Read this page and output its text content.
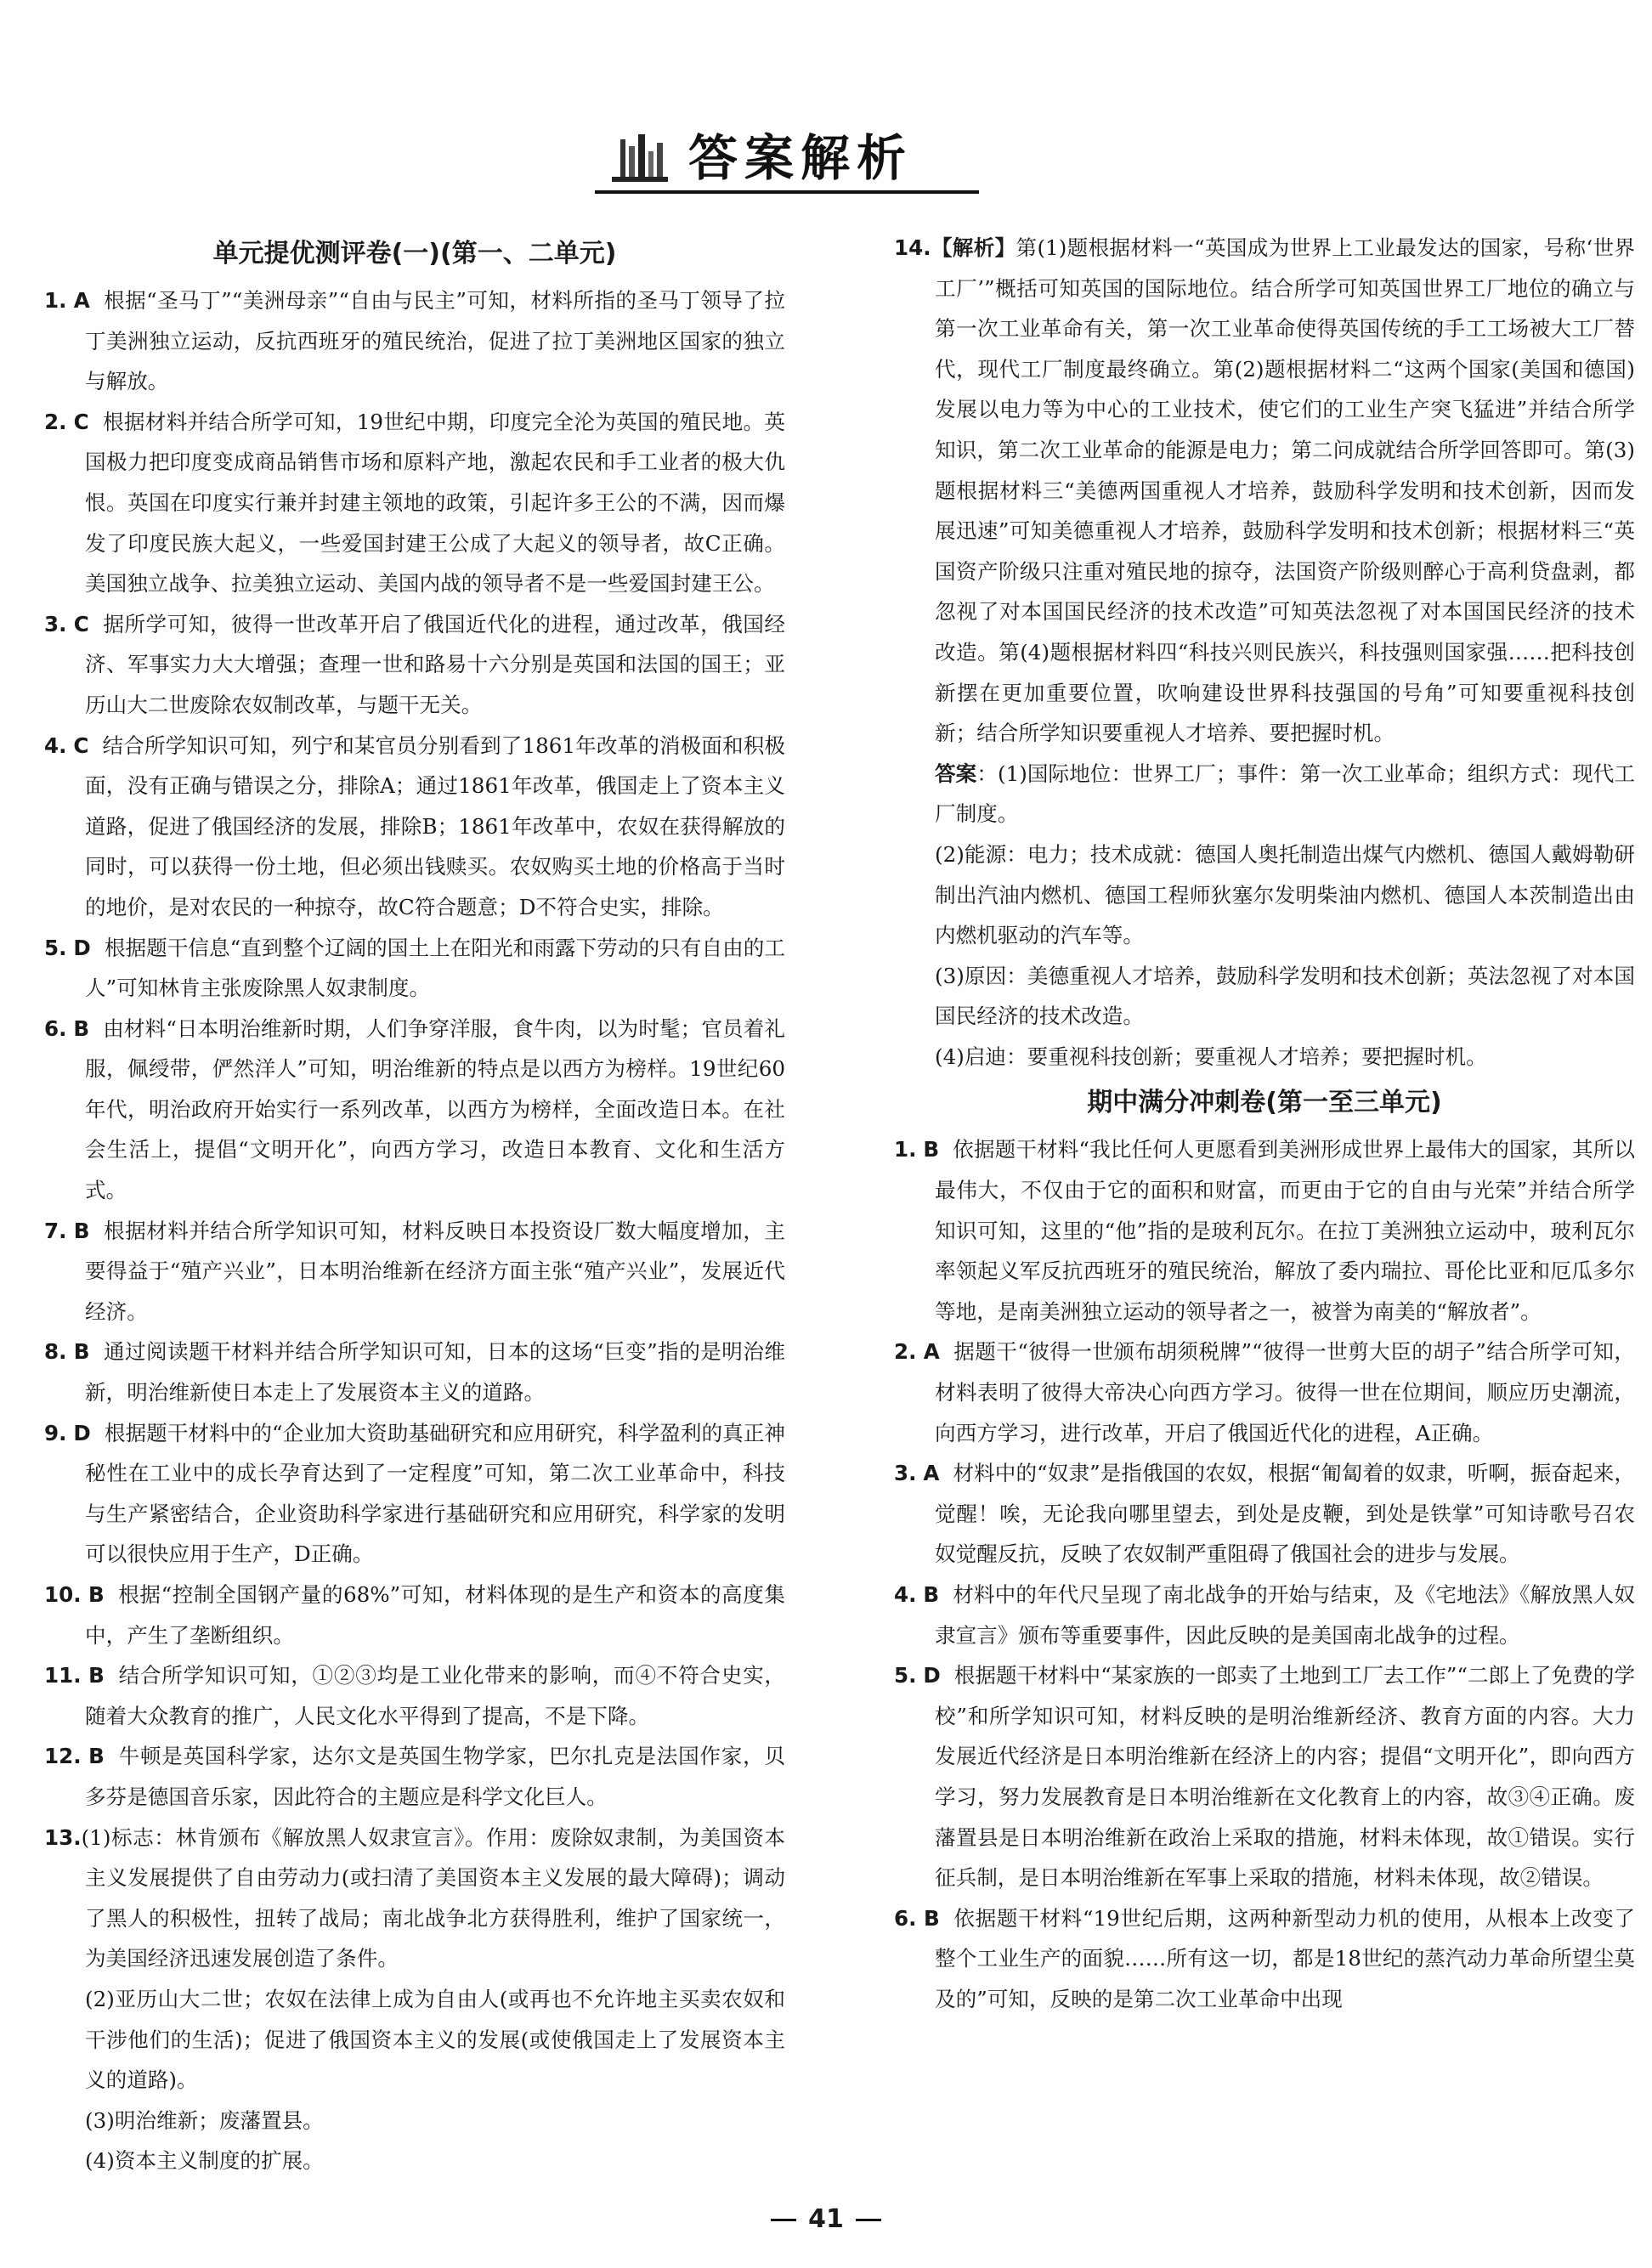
答案解析
单元提优测评卷(一)(第一、二单元)
1. A 根据“圣马丁”“美洲母亲”“自由与民主”可知，材料所指的圣马丁领导了拉丁美洲独立运动，反抗西班牙的殖民统治，促进了拉丁美洲地区国家的独立与解放。
2. C 根据材料并结合所学可知，19世纪中期，印度完全沦为英国的殖民地。英国极力把印度变成商品销售市场和原料产地，激起农民和手工业者的极大仇恨。英国在印度实行兼并封建主领地的政策，引起许多王公的不满，因而爆发了印度民族大起义，一些爱国封建王公成了大起义的领导者，故C正确。美国独立战争、拉美独立运动、美国内战的领导者不是一些爱国封建王公。
3. C 据所学可知，彼得一世改革开启了俄国近代化的进程，通过改革，俄国经济、军事实力大大增强；查理一世和路易十六分别是英国和法国的国王；亚历山大二世废除农奴制改革，与题干无关。
4. C 结合所学知识可知，列宁和某官员分别看到了1861年改革的消极面和积极面，没有正确与错误之分，排除A；通过1861年改革，俄国走上了资本主义道路，促进了俄国经济的发展，排除B；1861年改革中，农奴在获得解放的同时，可以获得一份土地，但必须出钱赎买。农奴购买土地的价格高于当时的地价，是对农民的一种掠夺，故C符合题意；D不符合史实，排除。
5. D 根据题干信息“直到整个辽阔的国土上在阳光和雨露下劳动的只有自由的工人”可知林肯主张废除黑人奴隶制度。
6. B 由材料“日本明治维新时期，人们争穿洋服，食牛肉，以为时髦；官员着礼服，佩绶带，俨然洋人”可知，明治维新的特点是以西方为榜样。19世纪60年代，明治政府开始实行一系列改革，以西方为榜样，全面改造日本。在社会生活上，提倡“文明开化”，向西方学习，改造日本教育、文化和生活方式。
7. B 根据材料并结合所学知识可知，材料反映日本投资设厂数大幅度增加，主要得益于“殖产兴业”，日本明治维新在经济方面主张“殖产兴业”，发展近代经济。
8. B 通过阅读题干材料并结合所学知识可知，日本的这场“巨变”指的是明治维新，明治维新使日本走上了发展资本主义的道路。
9. D 根据题干材料中的“企业加大资助基础研究和应用研究，科学盈利的真正神秘性在工业中的成长孕育达到了一定程度”可知，第二次工业革命中，科技与生产紧密结合，企业资助科学家进行基础研究和应用研究，科学家的发明可以很快应用于生产，D正确。
10. B 根据“控制全国钢产量的68%”可知，材料体现的是生产和资本的高度集中，产生了垄断组织。
11. B 结合所学知识可知，①②③均是工业化带来的影响，而④不符合史实，随着大众教育的推广，人民文化水平得到了提高，不是下降。
12. B 牛顿是英国科学家，达尔文是英国生物学家，巴尔扎克是法国作家，贝多芬是德国音乐家，因此符合的主题应是科学文化巨人。
13.(1)标志：林肯颁布《解放黑人奴隶宣言》。作用：废除奴隶制，为美国资本主义发展提供了自由劳动力(或扫清了美国资本主义发展的最大障碍)；调动了黑人的积极性，扭转了战局；南北战争北方获得胜利，维护了国家统一，为美国经济迅速发展创造了条件。
(2)亚历山大二世；农奴在法律上成为自由人(或再也不允许地主买卖农奴和干涉他们的生活)；促进了俄国资本主义的发展(或使俄国走上了发展资本主义的道路)。
(3)明治维新；废藩置县。
(4)资本主义制度的扩展。
14.【解析】第(1)题根据材料一“英国成为世界上工业最发达的国家，号称‘世界工厂’”概括可知英国的国际地位。结合所学可知英国世界工厂地位的确立与第一次工业革命有关，第一次工业革命使得英国传统的手工工场被大工厂替代，现代工厂制度最终确立。第(2)题根据材料二“这两个国家(美国和德国)发展以电力等为中心的工业技术，使它们的工业生产突飞猛进”并结合所学知识，第二次工业革命的能源是电力；第二问成就结合所学回答即可。第(3)题根据材料三“美德两国重视人才培养，鼓励科学发明和技术创新，因而发展迅速”可知美德重视人才培养，鼓励科学发明和技术创新；根据材料三“英国资产阶级只注重对殖民地的掠夺，法国资产阶级则醉心于高利贷盘剥，都忽视了对本国国民经济的技术改造”可知英法忽视了对本国国民经济的技术改造。第(4)题根据材料四“科技兴则民族兴，科技强则国家强……把科技创新摆在更加重要位置，吹响建设世界科技强国的号角”可知要重视科技创新；结合所学知识要重视人才培养、要把握时机。
答案：(1)国际地位：世界工厂；事件：第一次工业革命；组织方式：现代工厂制度。
(2)能源：电力；技术成就：德国人奥托制造出煤气内燃机、德国人戴姆勒研制出汽油内燃机、德国工程师狄塞尔发明柴油内燃机、德国人本茨制造出由内燃机驱动的汽车等。
(3)原因：美德重视人才培养，鼓励科学发明和技术创新；英法忽视了对本国国民经济的技术改造。
(4)启迪：要重视科技创新；要重视人才培养；要把握时机。
期中满分冲刺卷(第一至三单元)
1. B 依据题干材料“我比任何人更愿看到美洲形成世界上最伟大的国家，其所以最伟大，不仅由于它的面积和财富，而更由于它的自由与光荣”并结合所学知识可知，这里的“他”指的是玻利瓦尔。在拉丁美洲独立运动中，玻利瓦尔率领起义军反抗西班牙的殖民统治，解放了委内瑞拉、哥伦比亚和厄瓜多尔等地，是南美洲独立运动的领导者之一，被誉为南美的“解放者”。
2. A 据题干“彼得一世颁布胡须税牌”“彼得一世剪大臣的胡子”结合所学可知，材料表明了彼得大帝决心向西方学习。彼得一世在位期间，顺应历史潮流，向西方学习，进行改革，开启了俄国近代化的进程，A正确。
3. A 材料中的“奴隶”是指俄国的农奴，根据“匍匐着的奴隶，听啊，振奋起来，觉醒！唉，无论我向哪里望去，到处是皮鞭，到处是铁掌”可知诗歌号召农奴觉醒反抗，反映了农奴制严重阻碍了俄国社会的进步与发展。
4. B 材料中的年代尺呈现了南北战争的开始与结束，及《宅地法》《解放黑人奴隶宣言》颁布等重要事件，因此反映的是美国南北战争的过程。
5. D 根据题干材料中“某家族的一郎卖了土地到工厂去工作”“二郎上了免费的学校”和所学知识可知，材料反映的是明治维新经济、教育方面的内容。大力发展近代经济是日本明治维新在经济上的内容；提倡“文明开化”，即向西方学习，努力发展教育是日本明治维新在文化教育上的内容，故③④正确。废藩置县是日本明治维新在政治上采取的措施，材料未体现，故①错误。实行征兵制，是日本明治维新在军事上采取的措施，材料未体现，故②错误。
6. B 依据题干材料“19世纪后期，这两种新型动力机的使用，从根本上改变了整个工业生产的面貌……所有这一切，都是18世纪的蒸汽动力革命所望尘莫及的”可知，反映的是第二次工业革命中出现
41
